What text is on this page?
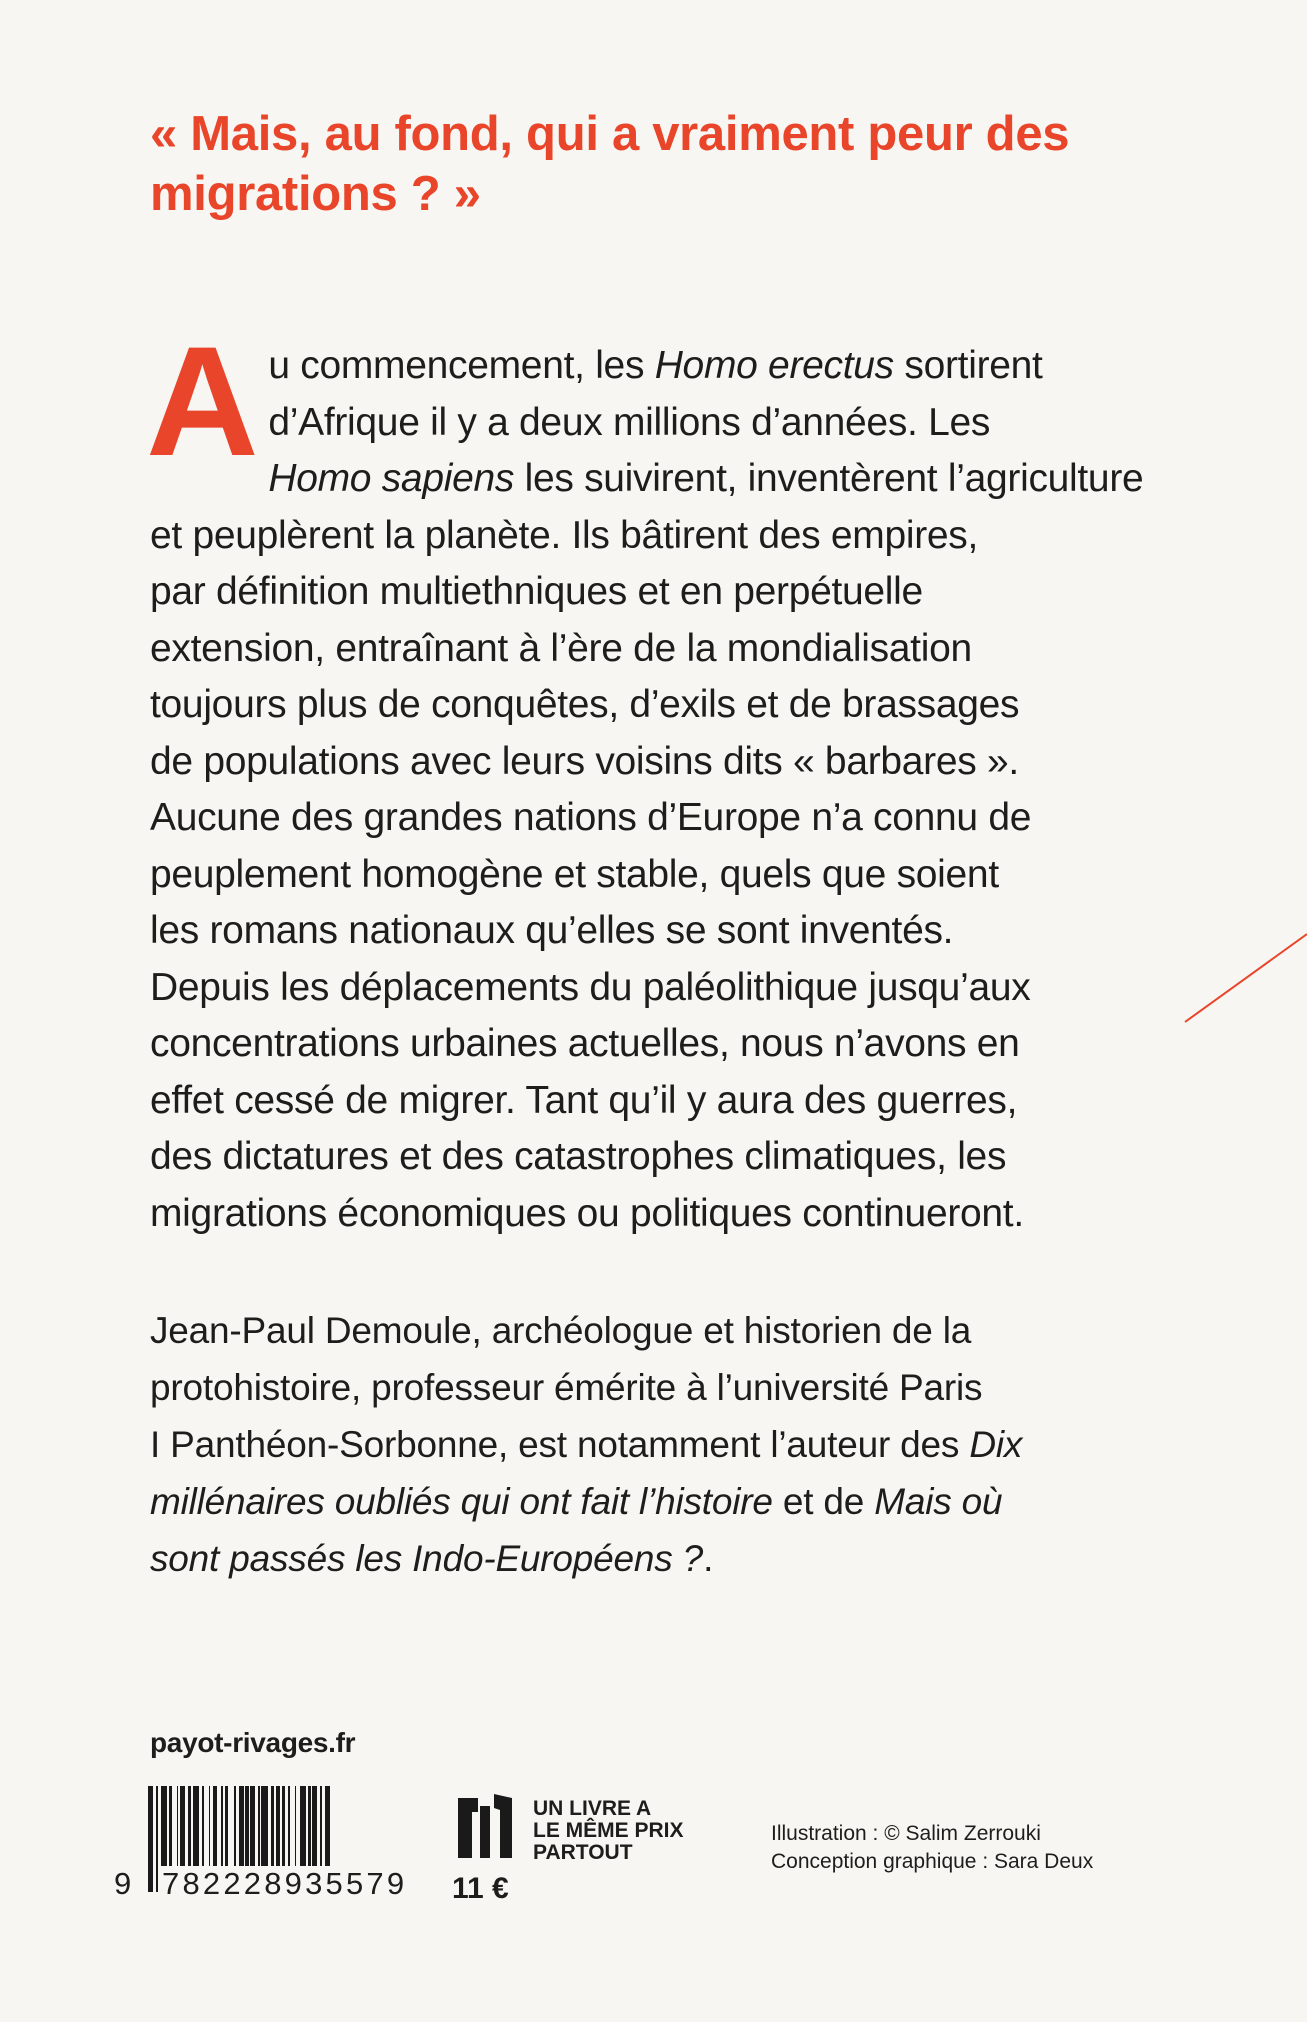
« Mais, au fond, qui a vraiment peur des
migrations ? »
A u commencement, les Homo erectus sortirent
d’Afrique il y a deux millions d’années. Les
Homo sapiens les suivirent, inventèrent l’agriculture
et peuplèrent la planète. Ils bâtirent des empires,
par définition multiethniques et en perpétuelle
extension, entraînant à l’ère de la mondialisation
toujours plus de conquêtes, d’exils et de brassages
de populations avec leurs voisins dits « barbares ».
Aucune des grandes nations d’Europe n’a connu de
peuplement homogène et stable, quels que soient
les romans nationaux qu’elles se sont inventés.
Depuis les déplacements du paléolithique jusqu’aux
concentrations urbaines actuelles, nous n’avons en
effet cessé de migrer. Tant qu’il y aura des guerres,
des dictatures et des catastrophes climatiques, les
migrations économiques ou politiques continueront.
Jean-Paul Demoule, archéologue et historien de la
protohistoire, professeur émérite à l’université Paris
I Panthéon-Sorbonne, est notamment l’auteur des Dix
millénaires oubliés qui ont fait l’histoire et de Mais où
sont passés les Indo-Européens ?.
payot-rivages.fr
9 782228935579
UN LIVRE A
LE MÊME PRIX
PARTOUT
11 €
Illustration : © Salim Zerrouki
Conception graphique : Sara Deux
